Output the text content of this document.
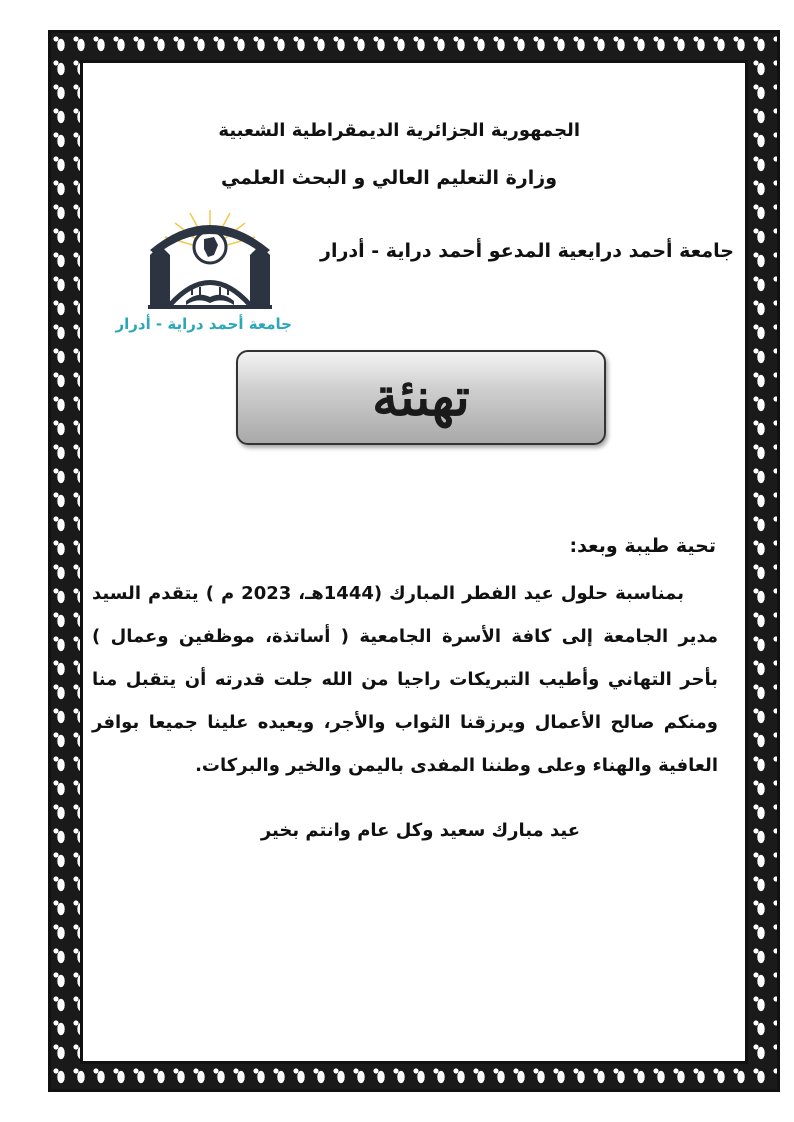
الجمهورية الجزائرية الديمقراطية الشعبية
وزارة التعليم العالي و البحث العلمي
جامعة أحمد درايعية المدعو أحمد دراية - أدرار
جامعة أحمد دراية - أدرار
تهنئة
تحية طيبة وبعد:

بمناسبة حلول عيد الفطر المبارك (1444هـ، 2023 م ) يتقدم السيد مدير الجامعة إلى كافة الأسرة الجامعية ( أساتذة، موظفين وعمال ) بأحر التهاني وأطيب التبريكات راجيا من الله جلت قدرته أن يتقبل منا ومنكم صالح الأعمال ويرزقنا الثواب والأجر، ويعيده علينا جميعا بوافر العافية والهناء وعلى وطننا المفدى باليمن والخير والبركات.

عيد مبارك سعيد وكل عام وانتم بخير
